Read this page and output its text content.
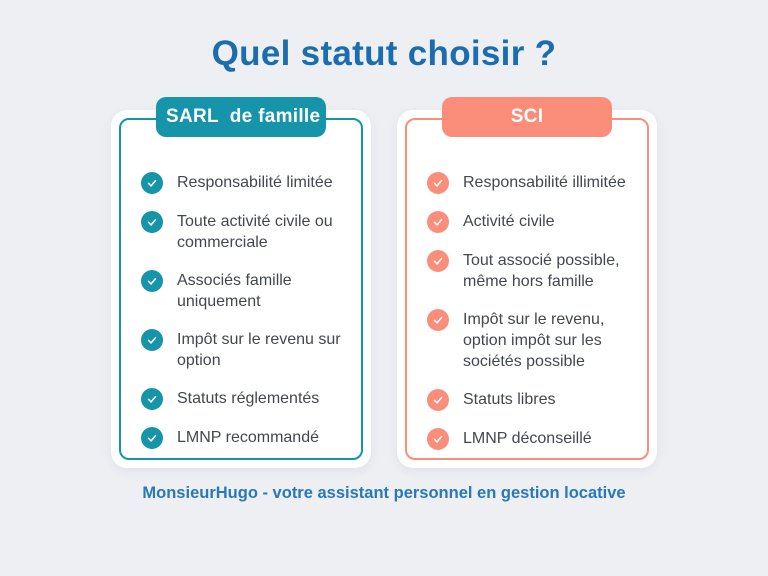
Quel statut choisir ?
SARL  de famille
Responsabilité limitée
Toute activité civile ou commerciale
Associés famille uniquement
Impôt sur le revenu sur option
Statuts réglementés
LMNP recommandé
SCI
Responsabilité illimitée
Activité civile
Tout associé possible, même hors famille
Impôt sur le revenu, option impôt sur les sociétés possible
Statuts libres
LMNP déconseillé
MonsieurHugo - votre assistant personnel en gestion locative
